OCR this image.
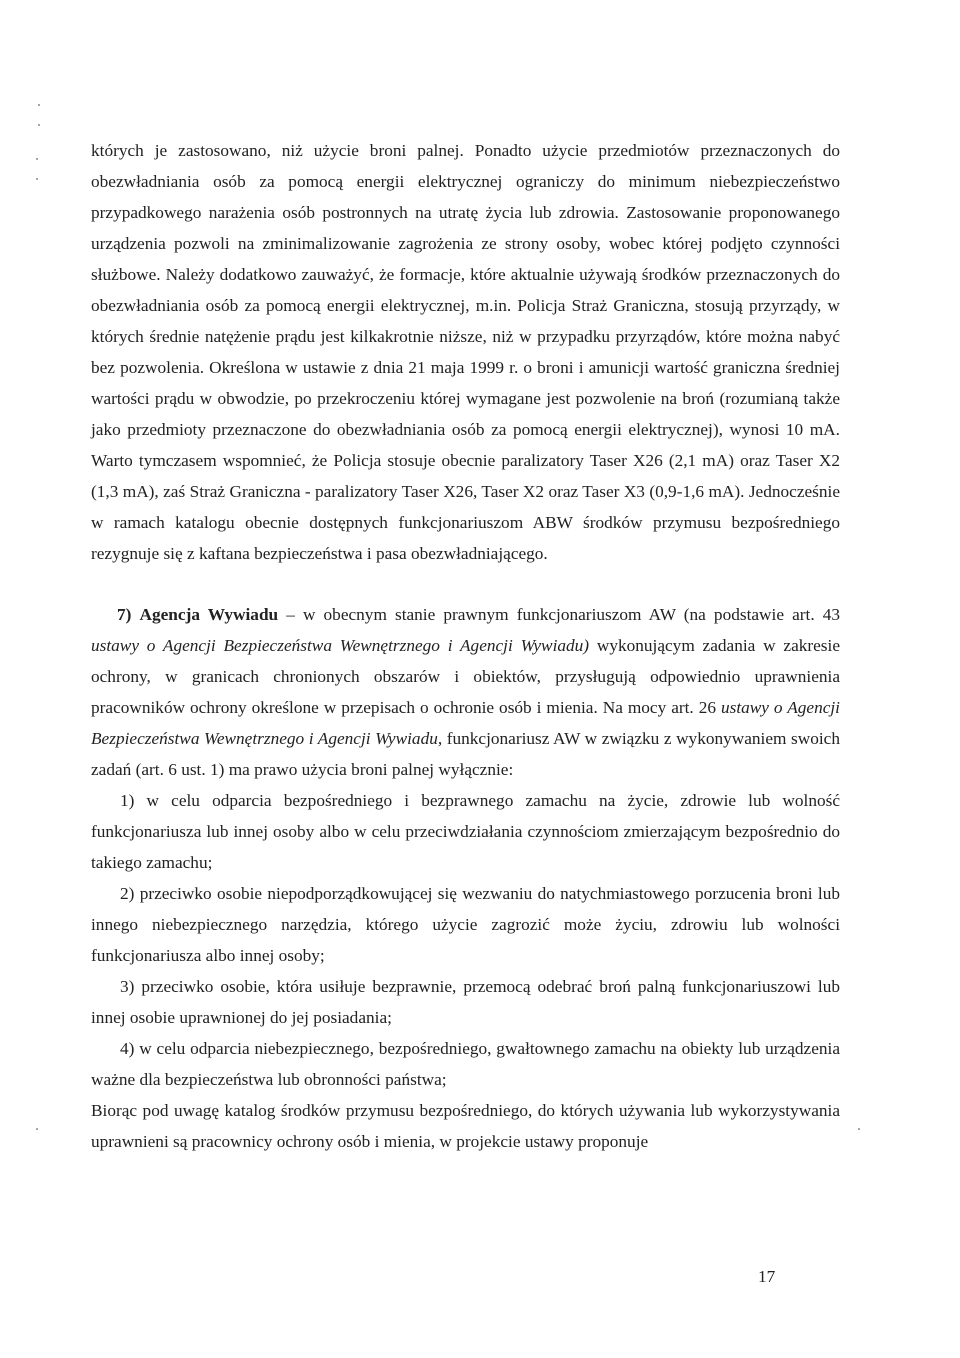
których je zastosowano, niż użycie broni palnej. Ponadto użycie przedmiotów przeznaczonych do obezwładniania osób za pomocą energii elektrycznej ograniczy do minimum niebezpieczeństwo przypadkowego narażenia osób postronnych na utratę życia lub zdrowia. Zastosowanie proponowanego urządzenia pozwoli na zminimalizowanie zagrożenia ze strony osoby, wobec której podjęto czynności służbowe. Należy dodatkowo zauważyć, że formacje, które aktualnie używają środków przeznaczonych do obezwładniania osób za pomocą energii elektrycznej, m.in. Policja Straż Graniczna, stosują przyrządy, w których średnie natężenie prądu jest kilkakrotnie niższe, niż w przypadku przyrządów, które można nabyć bez pozwolenia. Określona w ustawie z dnia 21 maja 1999 r. o broni i amunicji wartość graniczna średniej wartości prądu w obwodzie, po przekroczeniu której wymagane jest pozwolenie na broń (rozumianą także jako przedmioty przeznaczone do obezwładniania osób za pomocą energii elektrycznej), wynosi 10 mA. Warto tymczasem wspomnieć, że Policja stosuje obecnie paralizatory Taser X26 (2,1 mA) oraz Taser X2 (1,3 mA), zaś Straż Graniczna - paralizatory Taser X26, Taser X2 oraz Taser X3 (0,9-1,6 mA). Jednocześnie w ramach katalogu obecnie dostępnych funkcjonariuszom ABW środków przymusu bezpośredniego rezygnuje się z kaftana bezpieczeństwa i pasa obezwładniającego.

7) Agencja Wywiadu – w obecnym stanie prawnym funkcjonariuszom AW (na podstawie art. 43 ustawy o Agencji Bezpieczeństwa Wewnętrznego i Agencji Wywiadu) wykonującym zadania w zakresie ochrony, w granicach chronionych obszarów i obiektów, przysługują odpowiednio uprawnienia pracowników ochrony określone w przepisach o ochronie osób i mienia. Na mocy art. 26 ustawy o Agencji Bezpieczeństwa Wewnętrznego i Agencji Wywiadu, funkcjonariusz AW w związku z wykonywaniem swoich zadań (art. 6 ust. 1) ma prawo użycia broni palnej wyłącznie:

1) w celu odparcia bezpośredniego i bezprawnego zamachu na życie, zdrowie lub wolność funkcjonariusza lub innej osoby albo w celu przeciwdziałania czynnościom zmierzającym bezpośrednio do takiego zamachu;

2) przeciwko osobie niepodporządkowującej się wezwaniu do natychmiastowego porzucenia broni lub innego niebezpiecznego narzędzia, którego użycie zagrozić może życiu, zdrowiu lub wolności funkcjonariusza albo innej osoby;

3) przeciwko osobie, która usiłuje bezprawnie, przemocą odebrać broń palną funkcjonariuszowi lub innej osobie uprawnionej do jej posiadania;

4) w celu odparcia niebezpiecznego, bezpośredniego, gwałtownego zamachu na obiekty lub urządzenia ważne dla bezpieczeństwa lub obronności państwa;

Biorąc pod uwagę katalog środków przymusu bezpośredniego, do których używania lub wykorzystywania uprawnieni są pracownicy ochrony osób i mienia, w projekcie ustawy proponuje

17
